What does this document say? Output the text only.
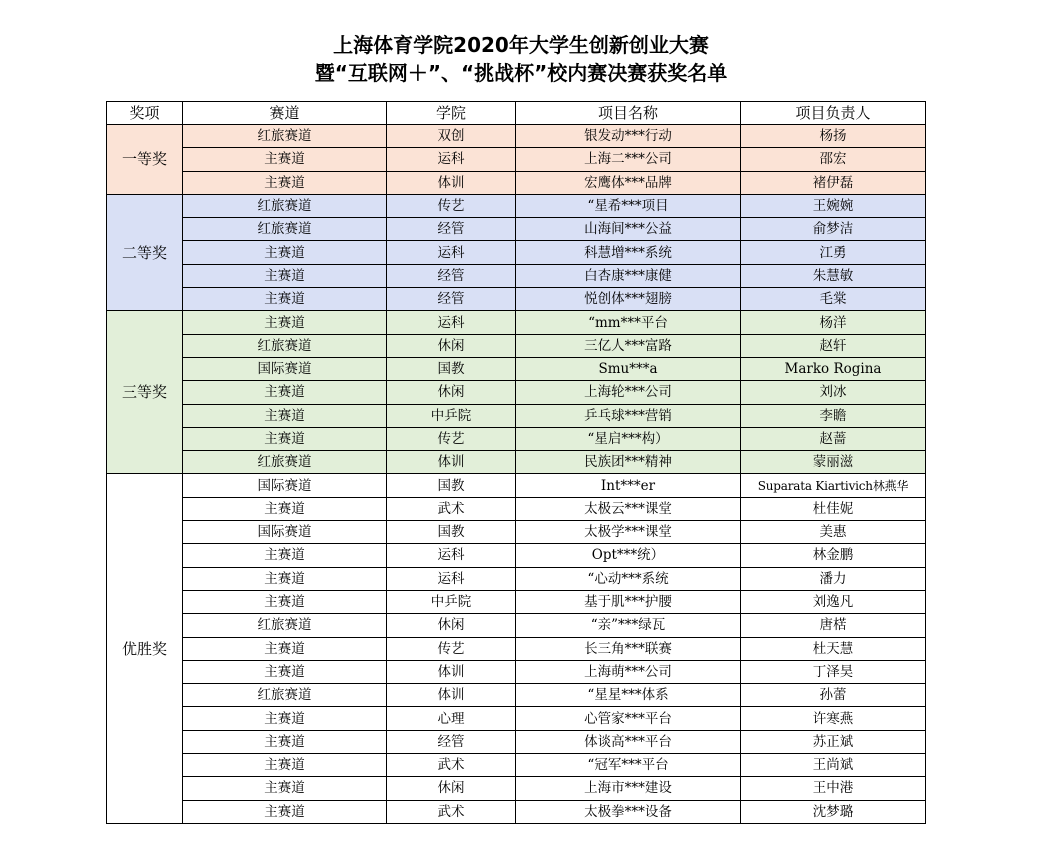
上海体育学院2020年大学生创新创业大赛
暨“互联网＋”、“挑战杯”校内赛决赛获奖名单
奖项	赛道	学院	项目名称	项目负责人
一等奖	红旅赛道	双创	银发动***行动	杨扬
	主赛道	运科	上海二***公司	邵宏
	主赛道	体训	宏鹰体***品牌	褚伊磊
二等奖	红旅赛道	传艺	“星希***项目	王婉婉
	红旅赛道	经管	山海间***公益	俞梦洁
	主赛道	运科	科慧增***系统	江勇
	主赛道	经管	白杏康***康健	朱慧敏
	主赛道	经管	悦创体***翅膀	毛棠
三等奖	主赛道	运科	“mm***平台	杨洋
	红旅赛道	休闲	三亿人***富路	赵轩
	国际赛道	国教	Smu***a	Marko Rogina
	主赛道	休闲	上海轮***公司	刘冰
	主赛道	中乒院	乒乓球***营销	李瞻
	主赛道	传艺	“星启***构）	赵蔷
	红旅赛道	体训	民族团***精神	蒙丽滋
优胜奖	国际赛道	国教	Int***er	Suparata Kiartivich林燕华
	主赛道	武术	太极云***课堂	杜佳妮
	国际赛道	国教	太极学***课堂	美惠
	主赛道	运科	Opt***统）	林金鹏
	主赛道	运科	“心动***系统	潘力
	主赛道	中乒院	基于肌***护腰	刘逸凡
	红旅赛道	休闲	“亲”***绿瓦	唐楛
	主赛道	传艺	长三角***联赛	杜天慧
	主赛道	体训	上海萌***公司	丁泽昊
	红旅赛道	体训	“星星***体系	孙蕾
	主赛道	心理	心管家***平台	许寒燕
	主赛道	经管	体谈高***平台	苏正斌
	主赛道	武术	“冠军***平台	王尚斌
	主赛道	休闲	上海市***建设	王中港
	主赛道	武术	太极拳***设备	沈梦璐
